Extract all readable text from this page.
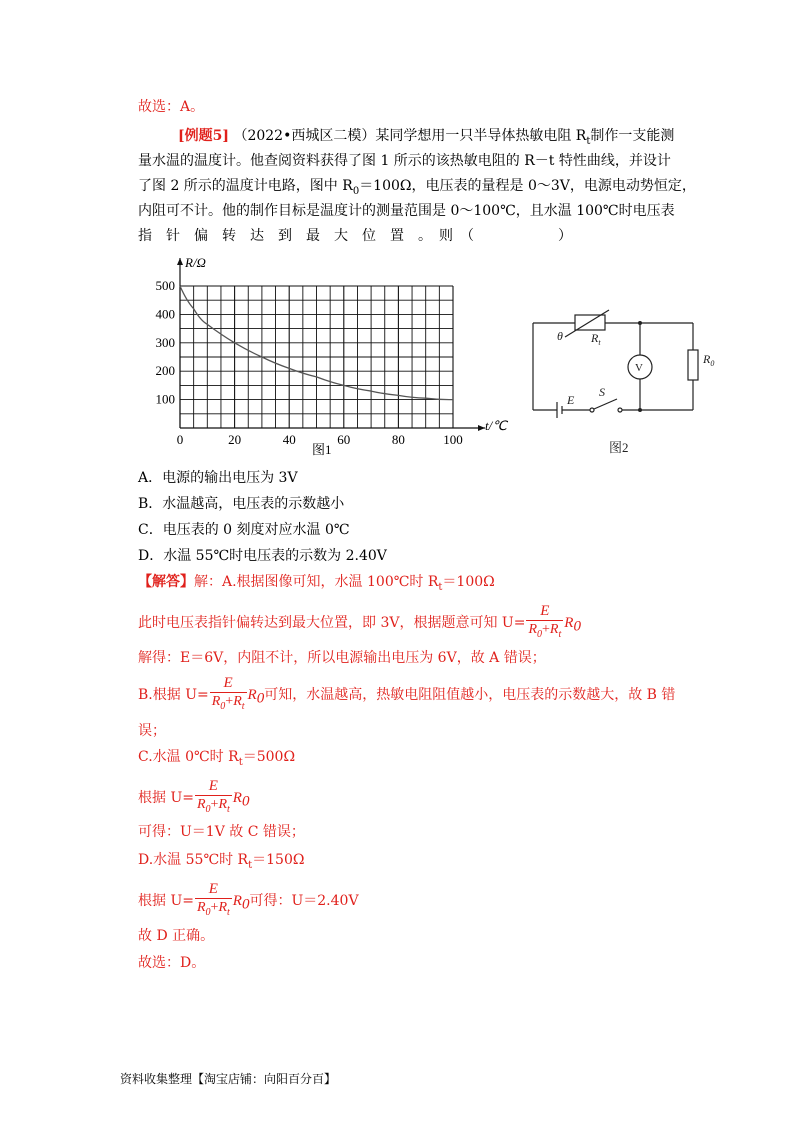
故选：A。
[例题5] （2022•西城区二模）某同学想用一只半导体热敏电阻 $R_t$制作一支能测
量水温的温度计。他查阅资料获得了图 1 所示的该热敏电阻的 R－t 特性曲线，并设计
了图 2 所示的温度计电路，图中 $R_0=100\Omega$，电压表的量程是 0～3V，电源电动势恒定，
内阻可不计。他的制作目标是温度计的测量范围是 0～100℃，且水温 100℃时电压表
指　针　偏　转　达　到　最　大　位　置　。　则　（　　　　　　）
0	20	40	60	80	100
100
200
300
400
500
R/Ω
t/℃
图1
θ $R_t$
V
$R_0$
E
S
图2
A．电源的输出电压为 3V
B．水温越高，电压表的示数越小
C．电压表的 0 刻度对应水温 0℃
D．水温 55℃时电压表的示数为 2.40V
【解答】解：A.根据图像可知，水温 100℃时 $R_t=100\Omega$
此时电压表指针偏转达到最大位置，即 3V，根据题意可知 $U= \frac{E}{R_0+R_t} R_0$
解得：E＝6V，内阻不计，所以电源输出电压为 6V，故 A 错误；
B.根据 $U= \frac{E}{R_0+R_t} R_0$可知，水温越高，热敏电阻阻值越小，电压表的示数越大，故 B 错
误；
C.水温 0℃时 $R_t=500\Omega$
根据 $U= \frac{E}{R_0+R_t} R_0$
可得：U＝1V 故 C 错误；
D.水温 55℃时 $R_t=150\Omega$
根据 $U= \frac{E}{R_0+R_t} R_0$可得：U＝2.40V
故 D 正确。
故选：D。
资料收集整理【淘宝店铺：向阳百分百】
